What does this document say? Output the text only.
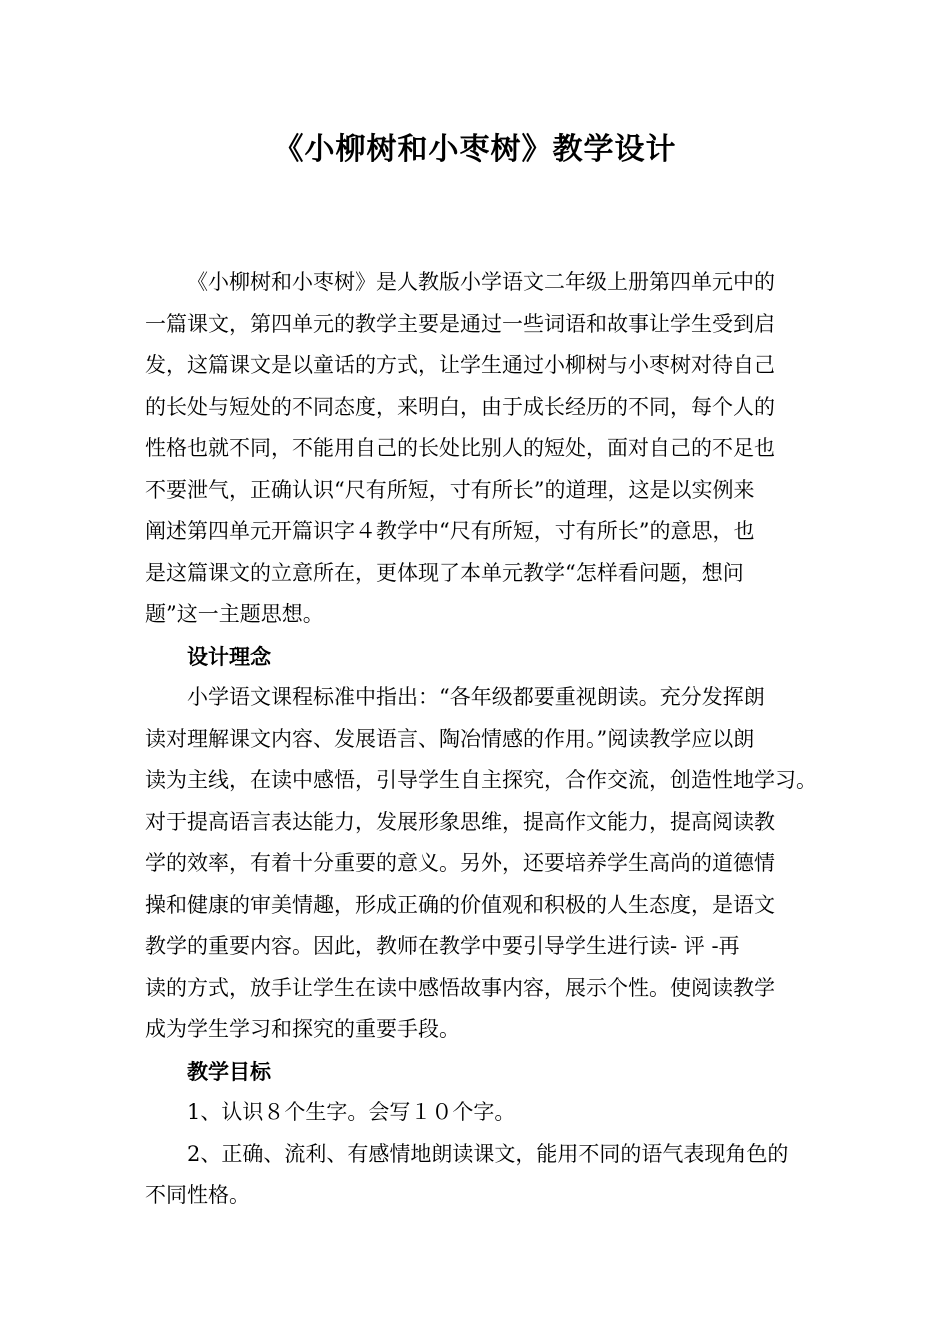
《小柳树和小枣树》教学设计
《小柳树和小枣树》是人教版小学语文二年级上册第四单元中的
一篇课文，第四单元的教学主要是通过一些词语和故事让学生受到启
发，这篇课文是以童话的方式，让学生通过小柳树与小枣树对待自己
的长处与短处的不同态度，来明白，由于成长经历的不同，每个人的
性格也就不同，不能用自己的长处比别人的短处，面对自己的不足也
不要泄气，正确认识“尺有所短，寸有所长”的道理，这是以实例来
阐述第四单元开篇识字４教学中“尺有所短，寸有所长”的意思，也
是这篇课文的立意所在，更体现了本单元教学“怎样看问题，想问
题”这一主题思想。
设计理念
小学语文课程标准中指出：“各年级都要重视朗读。充分发挥朗
读对理解课文内容、发展语言、陶冶情感的作用。”阅读教学应以朗
读为主线，在读中感悟，引导学生自主探究，合作交流，创造性地学习。
对于提高语言表达能力，发展形象思维，提高作文能力，提高阅读教
学的效率，有着十分重要的意义。另外，还要培养学生高尚的道德情
操和健康的审美情趣，形成正确的价值观和积极的人生态度，是语文
教学的重要内容。因此，教师在教学中要引导学生进行读- 评 -再
读的方式，放手让学生在读中感悟故事内容，展示个性。使阅读教学
成为学生学习和探究的重要手段。
教学目标
1、认识８个生字。会写１０个字。
2、正确、流利、有感情地朗读课文，能用不同的语气表现角色的
不同性格。
